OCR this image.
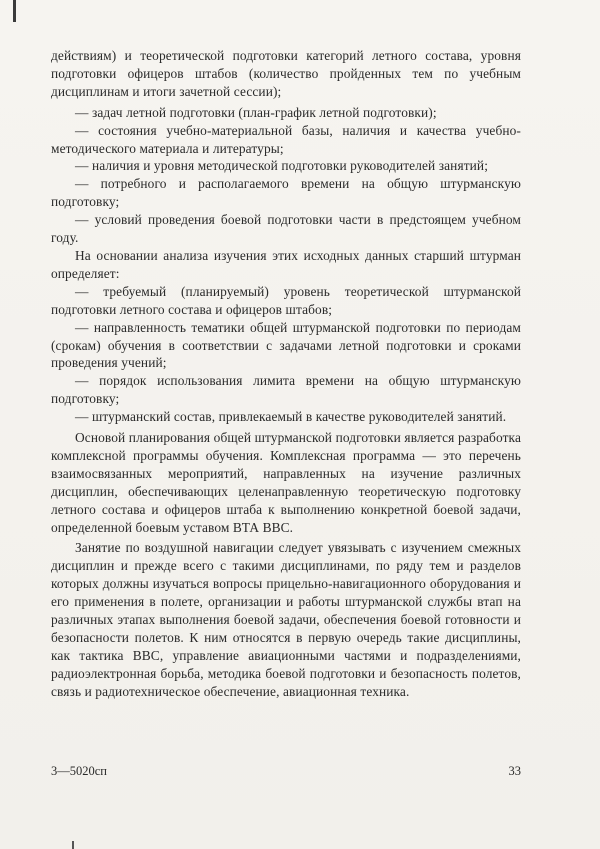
действиям) и теоретической подготовки категорий летного состава, уровня подготовки офицеров штабов (количество пройденных тем по учебным дисциплинам и итоги зачетной сессии);

— задач летной подготовки (план-график летной подготовки);

— состояния учебно-материальной базы, наличия и качества учебно-методического материала и литературы;

— наличия и уровня методической подготовки руководителей занятий;

— потребного и располагаемого времени на общую штурманскую подготовку;

— условий проведения боевой подготовки части в предстоящем учебном году.

На основании анализа изучения этих исходных данных старший штурман определяет:

— требуемый (планируемый) уровень теоретической штурманской подготовки летного состава и офицеров штабов;

— направленность тематики общей штурманской подготовки по периодам (срокам) обучения в соответствии с задачами летной подготовки и сроками проведения учений;

— порядок использования лимита времени на общую штурманскую подготовку;

— штурманский состав, привлекаемый в качестве руководителей занятий.

Основой планирования общей штурманской подготовки является разработка комплексной программы обучения. Комплексная программа — это перечень взаимосвязанных мероприятий, направленных на изучение различных дисциплин, обеспечивающих целенаправленную теоретическую подготовку летного состава и офицеров штаба к выполнению конкретной боевой задачи, определенной боевым уставом ВТА ВВС.

Занятие по воздушной навигации следует увязывать с изучением смежных дисциплин и прежде всего с такими дисциплинами, по ряду тем и разделов которых должны изучаться вопросы прицельно-навигационного оборудования и его применения в полете, организации и работы штурманской службы втап на различных этапах выполнения боевой задачи, обеспечения боевой готовности и безопасности полетов. К ним относятся в первую очередь такие дисциплины, как тактика ВВС, управление авиационными частями и подразделениями, радиоэлектронная борьба, методика боевой подготовки и безопасность полетов, связь и радиотехническое обеспечение, авиационная техника.

3—5020сп	33
